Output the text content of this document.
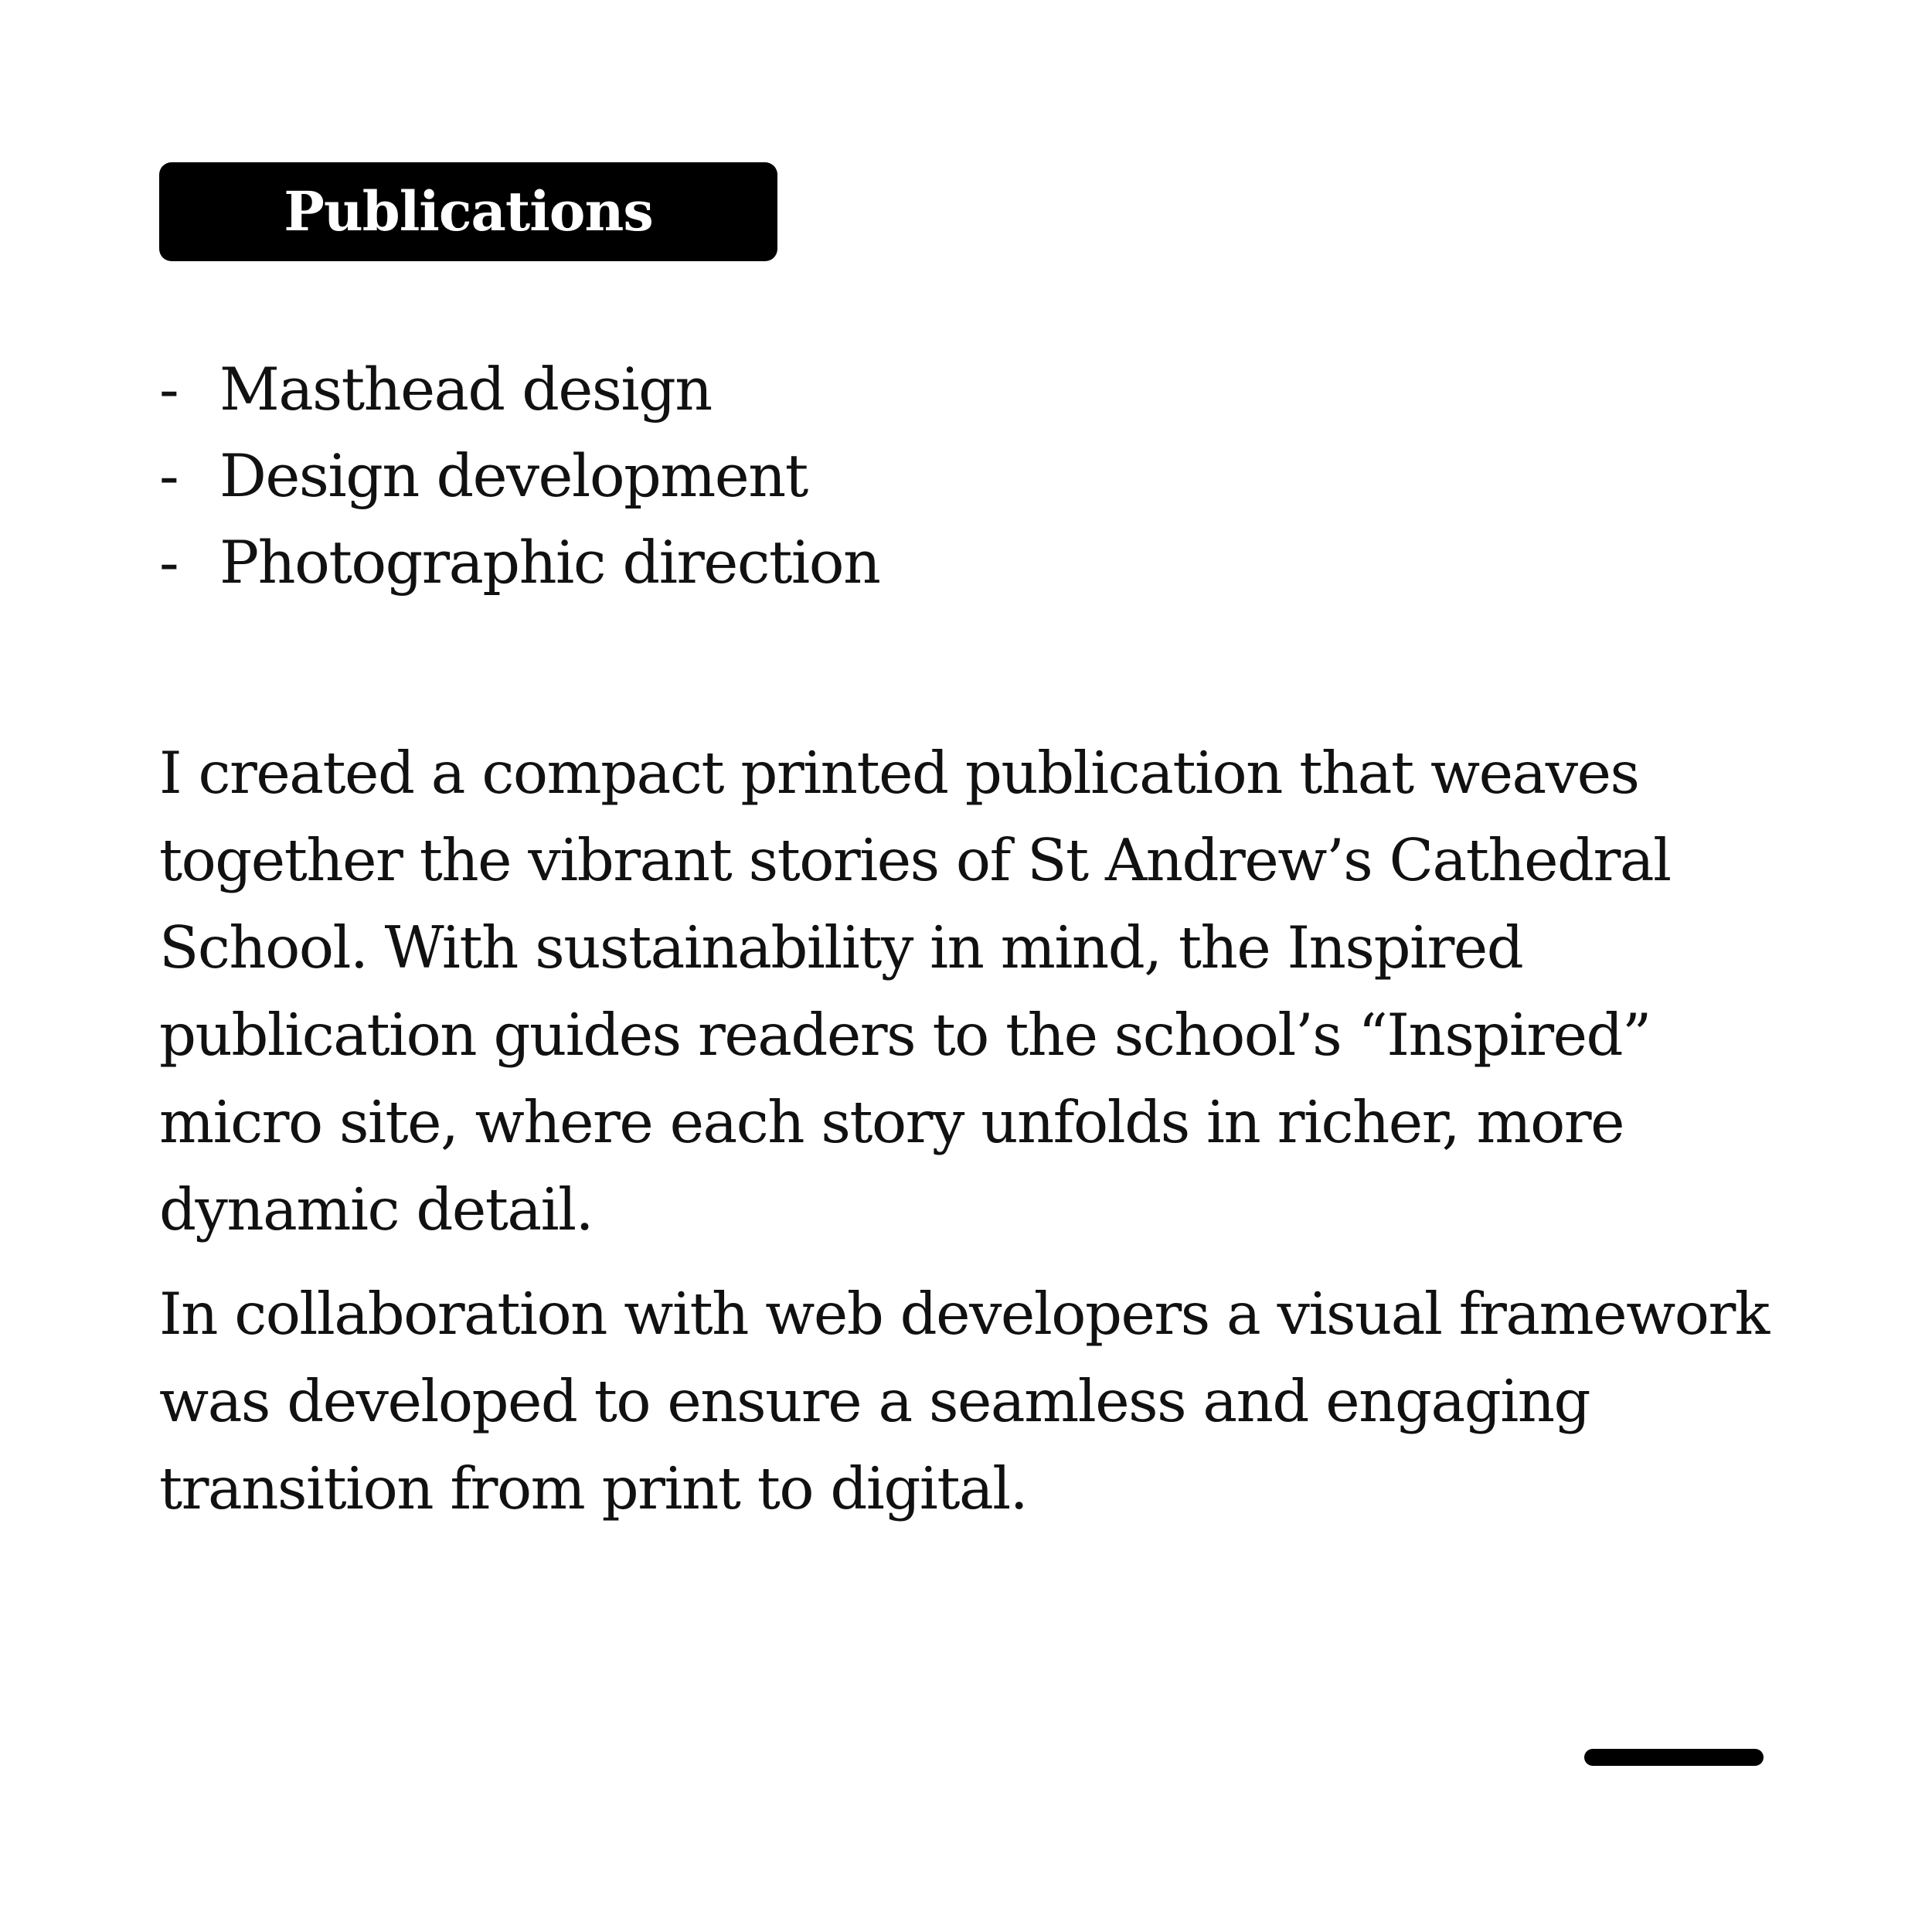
Publications
- Masthead design
- Design development
- Photographic direction

I created a compact printed publication that weaves together the vibrant stories of St Andrew’s Cathedral School. With sustainability in mind, the Inspired publication guides readers to the school’s “Inspired” micro site, where each story unfolds in richer, more dynamic detail.

In collaboration with web developers a visual framework was developed to ensure a seamless and engaging transition from print to digital.
